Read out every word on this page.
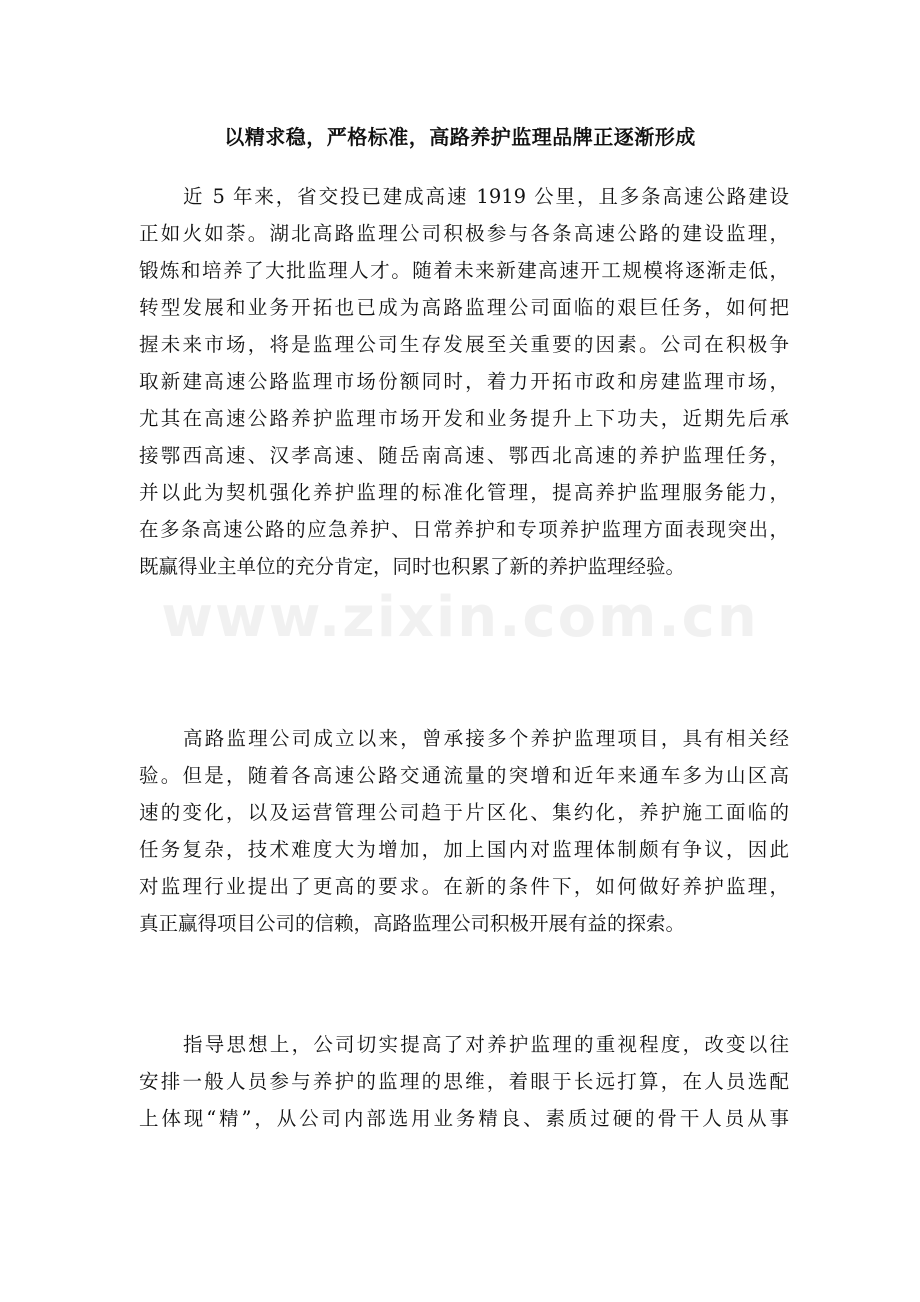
www.zixin.com.cn
以精求稳，严格标准，高路养护监理品牌正逐渐形成
近 5 年来，省交投已建成高速 1919 公里，且多条高速公路建设
正如火如荼。湖北高路监理公司积极参与各条高速公路的建设监理，
锻炼和培养了大批监理人才。随着未来新建高速开工规模将逐渐走低，
转型发展和业务开拓也已成为高路监理公司面临的艰巨任务，如何把
握未来市场，将是监理公司生存发展至关重要的因素。公司在积极争
取新建高速公路监理市场份额同时，着力开拓市政和房建监理市场，
尤其在高速公路养护监理市场开发和业务提升上下功夫，近期先后承
接鄂西高速、汉孝高速、随岳南高速、鄂西北高速的养护监理任务，
并以此为契机强化养护监理的标准化管理，提高养护监理服务能力，
在多条高速公路的应急养护、日常养护和专项养护监理方面表现突出，
既赢得业主单位的充分肯定，同时也积累了新的养护监理经验。
高路监理公司成立以来，曾承接多个养护监理项目，具有相关经
验。但是，随着各高速公路交通流量的突增和近年来通车多为山区高
速的变化，以及运营管理公司趋于片区化、集约化，养护施工面临的
任务复杂，技术难度大为增加，加上国内对监理体制颇有争议，因此
对监理行业提出了更高的要求。在新的条件下，如何做好养护监理，
真正赢得项目公司的信赖，高路监理公司积极开展有益的探索。
指导思想上，公司切实提高了对养护监理的重视程度，改变以往
安排一般人员参与养护的监理的思维，着眼于长远打算，在人员选配
上体现“精”，从公司内部选用业务精良、素质过硬的骨干人员从事
